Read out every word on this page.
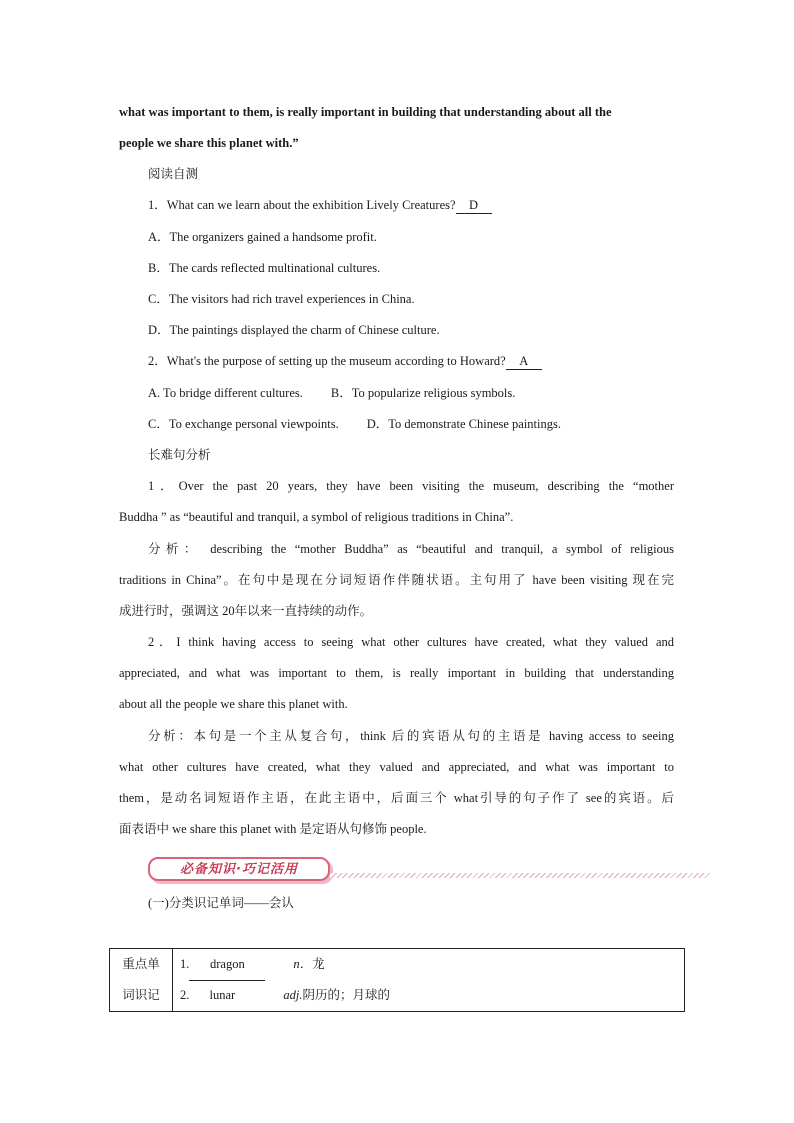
what was important to them, is really important in building that understanding about all the
people we share this planet with.”
阅读自测
1．What can we learn about the exhibition Lively Creatures? D
A．The organizers gained a handsome profit.
B．The cards reflected multinational cultures.
C．The visitors had rich travel experiences in China.
D．The paintings displayed the charm of Chinese culture.
2．What's the purpose of setting up the museum according to Howard? A
A. To bridge different cultures. B．To popularize religious symbols.
C．To exchange personal viewpoints. D．To demonstrate Chinese paintings.
长难句分析
1．Over the past 20 years, they have been visiting the museum, describing the “mother
Buddha ” as “beautiful and tranquil, a symbol of religious traditions in China”.
分析： describing the “mother Buddha” as “beautiful and tranquil, a symbol of religious
traditions in China”。在句中是现在分词短语作伴随状语。主句用了 have been visiting 现在完
成进行时，强调这 20年以来一直持续的动作。
2．I think having access to seeing what other cultures have created, what they valued and
appreciated, and what was important to them, is really important in building that understanding
about all the people we share this planet with.
分析：本句是一个主从复合句，think 后的宾语从句的主语是 having access to seeing
what other cultures have created, what they valued and appreciated, and what was important to
them，是动名词短语作主语，在此主语中，后面三个 what引导的句子作了 see的宾语。后
面表语中 we share this planet with 是定语从句修饰 people.
必备知识·巧记活用
(一)分类识记单词——会认
重点单
词识记

1. dragon	n．龙
2. lunar	adj.阴历的；月球的
